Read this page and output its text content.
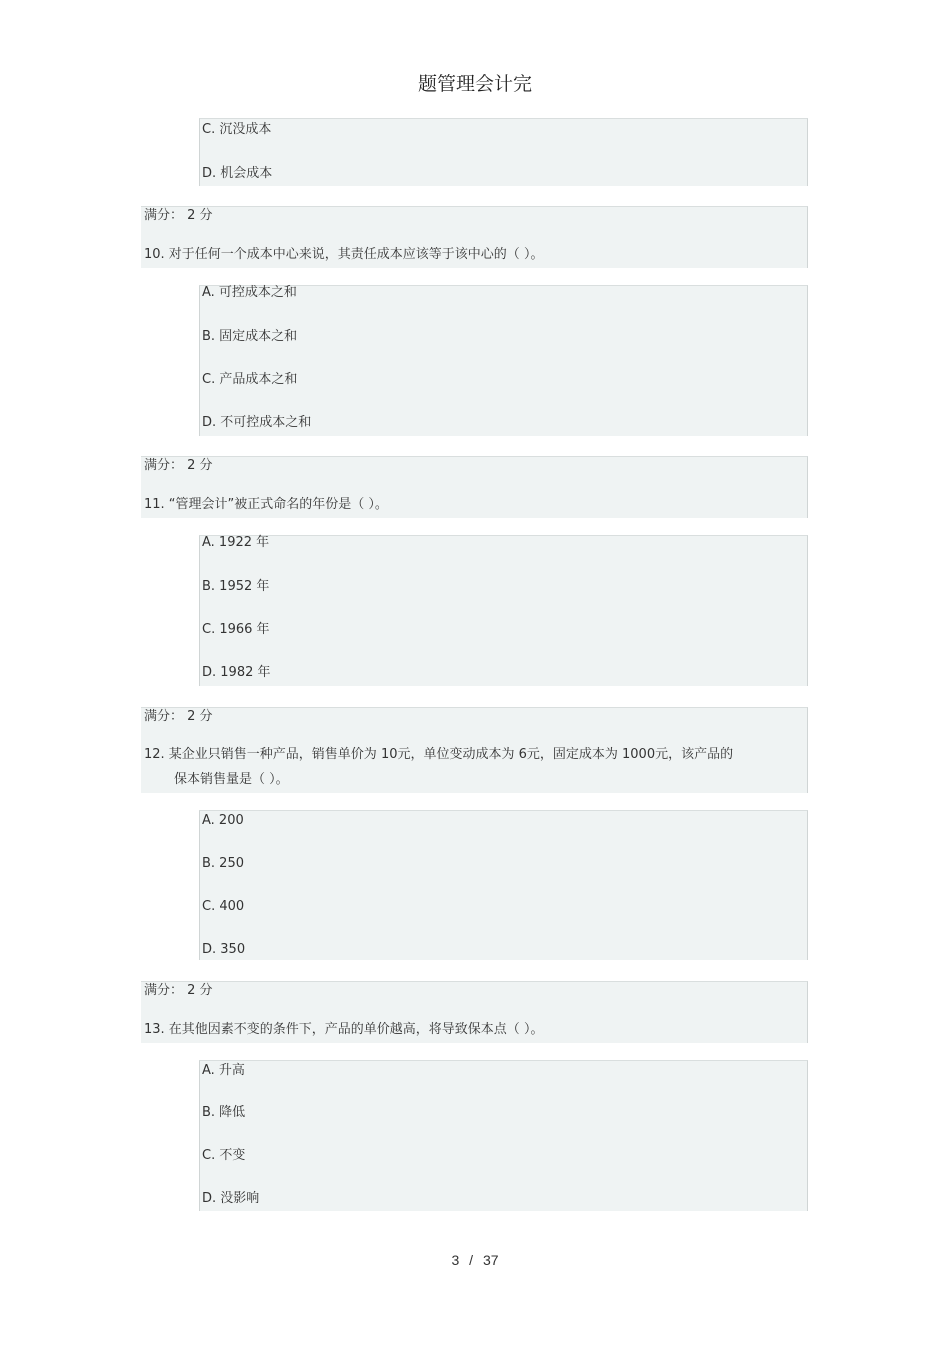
题管理会计完
C. 沉没成本
D. 机会成本
满分： 2 分
10. 对于任何一个成本中心来说，其责任成本应该等于该中心的（ ）。
A. 可控成本之和
B. 固定成本之和
C. 产品成本之和
D. 不可控成本之和
满分： 2 分
11. “管理会计”被正式命名的年份是（ ）。
A. 1922 年
B. 1952 年
C. 1966 年
D. 1982 年
满分： 2 分
12. 某企业只销售一种产品，销售单价为 10元，单位变动成本为 6元，固定成本为 1000元，该产品的
保本销售量是（ ）。
A. 200
B. 250
C. 400
D. 350
满分： 2 分
13. 在其他因素不变的条件下，产品的单价越高，将导致保本点（ ）。
A. 升高
B. 降低
C. 不变
D. 没影响
3 / 37
